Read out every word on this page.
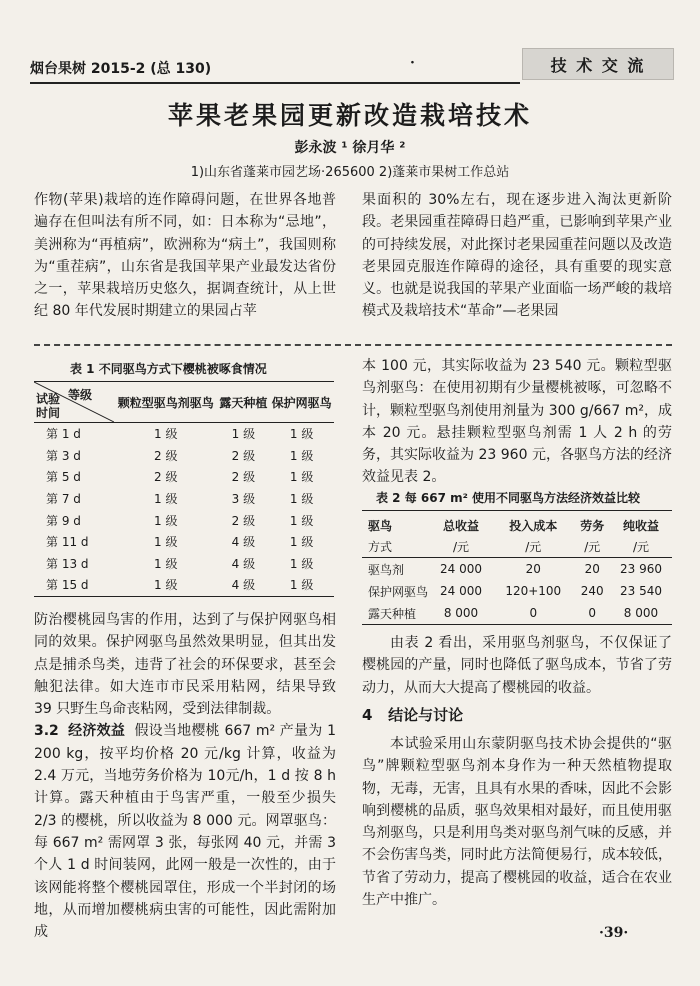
烟台果树 2015-2 (总 130)	·	技 术 交 流
苹果老果园更新改造栽培技术
彭永波 ¹ 徐月华 ²
1)山东省蓬莱市园艺场·265600 2)蓬莱市果树工作总站

作物(苹果)栽培的连作障碍问题，在世界各地普遍存在但叫法有所不同，如：日本称为“忌地”，美洲称为“再植病”，欧洲称为“病土”，我国则称为“重茬病”，山东省是我国苹果产业最发达省份之一，苹果栽培历史悠久，据调查统计，从上世纪 80 年代发展时期建立的果园占苹

果面积的 30%左右，现在逐步进入淘汰更新阶段。老果园重茬障碍日趋严重，已影响到苹果产业的可持续发展，对此探讨老果园重茬问题以及改造老果园克服连作障碍的途径，具有重要的现实意义。也就是说我国的苹果产业面临一场严峻的栽培模式及栽培技术“革命”—老果园

表 1 不同驱鸟方式下樱桃被啄食情况
等级
试验
时间	颗粒型驱鸟剂驱鸟	露天种植	保护网驱鸟
第 1 d	1 级	1 级	1 级
第 3 d	2 级	2 级	1 级
第 5 d	2 级	2 级	1 级
第 7 d	1 级	3 级	1 级
第 9 d	1 级	2 级	1 级
第 11 d	1 级	4 级	1 级
第 13 d	1 级	4 级	1 级
第 15 d	1 级	4 级	1 级

防治樱桃园鸟害的作用，达到了与保护网驱鸟相同的效果。保护网驱鸟虽然效果明显，但其出发点是捕杀鸟类，违背了社会的环保要求，甚至会触犯法律。如大连市市民采用粘网，结果导致 39 只野生鸟命丧粘网，受到法律制裁。

3.2 经济效益 假设当地樱桃 667 m² 产量为 1 200 kg，按平均价格 20 元/kg 计算，收益为 2.4 万元，当地劳务价格为 10元/h，1 d 按 8 h 计算。露天种植由于鸟害严重，一般至少损失 2/3 的樱桃，所以收益为 8 000 元。网罩驱鸟：每 667 m² 需网罩 3 张，每张网 40 元，并需 3 个人 1 d 时间装网，此网一般是一次性的，由于该网能将整个樱桃园罩住，形成一个半封闭的场地，从而增加樱桃病虫害的可能性，因此需附加成

本 100 元，其实际收益为 23 540 元。颗粒型驱鸟剂驱鸟：在使用初期有少量樱桃被啄，可忽略不计，颗粒型驱鸟剂使用剂量为 300 g/667 m²，成本 20 元。悬挂颗粒型驱鸟剂需 1 人 2 h 的劳务，其实际收益为 23 960 元，各驱鸟方法的经济效益见表 2。

表 2 每 667 m² 使用不同驱鸟方法经济效益比较
驱鸟	总收益	投入成本	劳务	纯收益
方式	/元	/元	/元	/元
驱鸟剂	24 000	20	20	23 960
保护网驱鸟	24 000	120+100	240	23 540
露天种植	8 000	0	0	8 000

由表 2 看出，采用驱鸟剂驱鸟，不仅保证了樱桃园的产量，同时也降低了驱鸟成本，节省了劳动力，从而大大提高了樱桃园的收益。

4 结论与讨论

本试验采用山东蒙阴驱鸟技术协会提供的“驱鸟”牌颗粒型驱鸟剂本身作为一种天然植物提取物，无毒，无害，且具有水果的香味，因此不会影响到樱桃的品质，驱鸟效果相对最好，而且使用驱鸟剂驱鸟，只是利用鸟类对驱鸟剂气味的反感，并不会伤害鸟类，同时此方法简便易行，成本较低，节省了劳动力，提高了樱桃园的收益，适合在农业生产中推广。

·39·
